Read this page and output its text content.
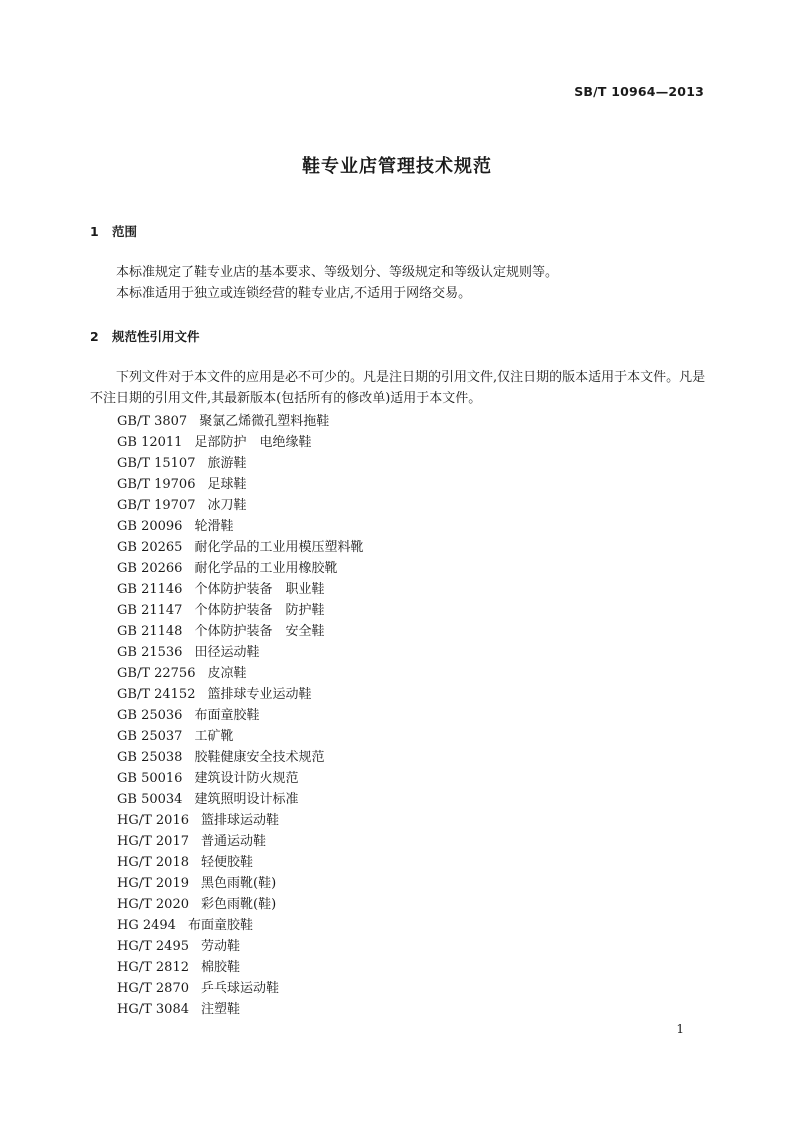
SB/T 10964—2013
鞋专业店管理技术规范
1 范围

本标准规定了鞋专业店的基本要求、等级划分、等级规定和等级认定规则等。

本标准适用于独立或连锁经营的鞋专业店,不适用于网络交易。

2 规范性引用文件

下列文件对于本文件的应用是必不可少的。凡是注日期的引用文件,仅注日期的版本适用于本文件。凡是不注日期的引用文件,其最新版本(包括所有的修改单)适用于本文件。

GB/T 3807 聚氯乙烯微孔塑料拖鞋
GB 12011 足部防护　电绝缘鞋
GB/T 15107 旅游鞋
GB/T 19706 足球鞋
GB/T 19707 冰刀鞋
GB 20096 轮滑鞋
GB 20265 耐化学品的工业用模压塑料靴
GB 20266 耐化学品的工业用橡胶靴
GB 21146 个体防护装备　职业鞋
GB 21147 个体防护装备　防护鞋
GB 21148 个体防护装备　安全鞋
GB 21536 田径运动鞋
GB/T 22756 皮凉鞋
GB/T 24152 篮排球专业运动鞋
GB 25036 布面童胶鞋
GB 25037 工矿靴
GB 25038 胶鞋健康安全技术规范
GB 50016 建筑设计防火规范
GB 50034 建筑照明设计标准
HG/T 2016 篮排球运动鞋
HG/T 2017 普通运动鞋
HG/T 2018 轻便胶鞋
HG/T 2019 黑色雨靴(鞋)
HG/T 2020 彩色雨靴(鞋)
HG 2494 布面童胶鞋
HG/T 2495 劳动鞋
HG/T 2812 棉胶鞋
HG/T 2870 乒乓球运动鞋
HG/T 3084 注塑鞋
1
